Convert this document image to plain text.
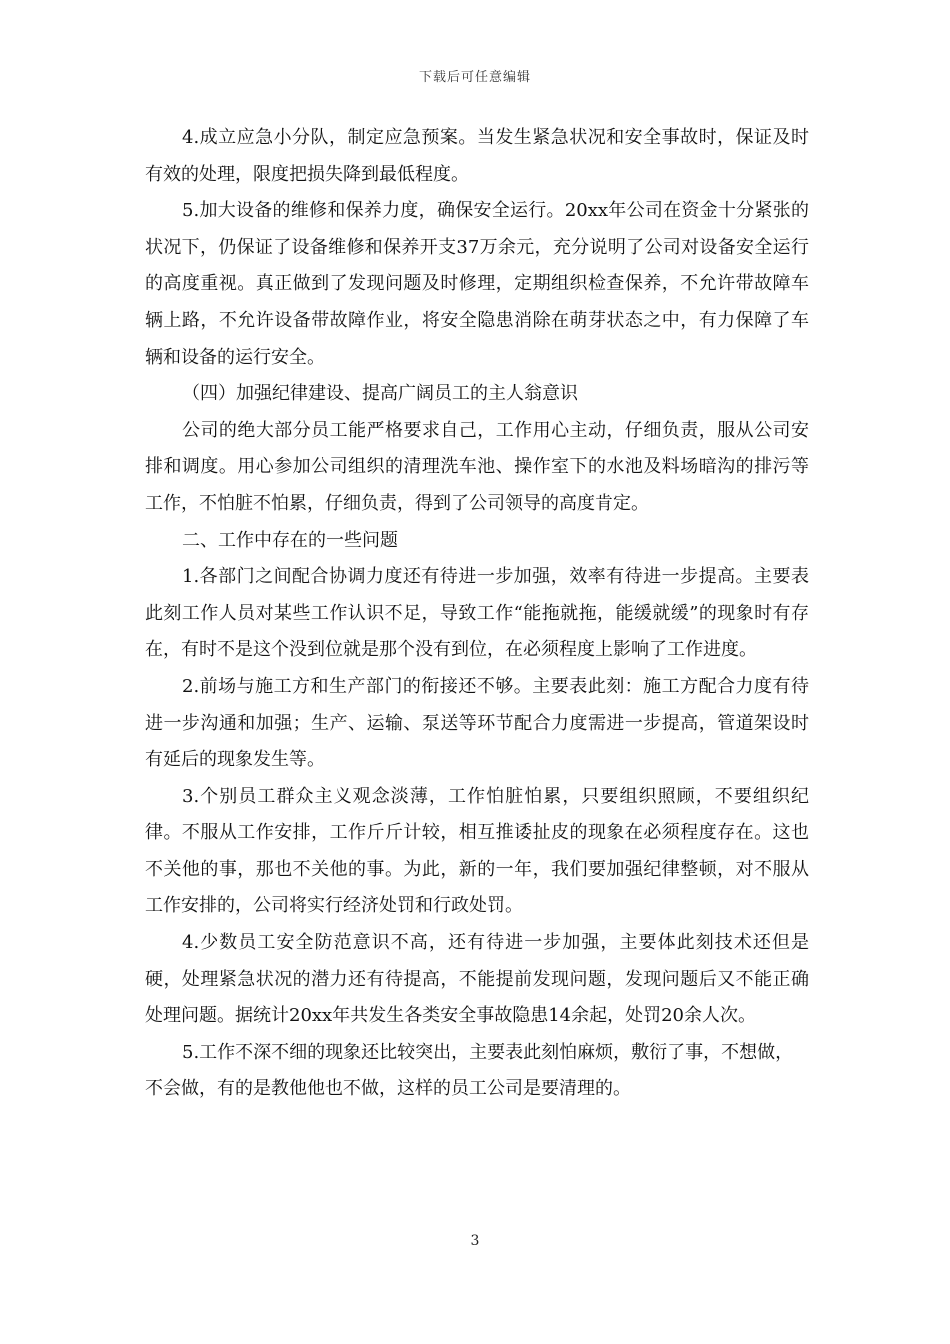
下载后可任意编辑

4.成立应急小分队，制定应急预案。当发生紧急状况和安全事故时，保证及时有效的处理，限度把损失降到最低程度。

5.加大设备的维修和保养力度，确保安全运行。20xx年公司在资金十分紧张的状况下，仍保证了设备维修和保养开支37万余元，充分说明了公司对设备安全运行的高度重视。真正做到了发现问题及时修理，定期组织检查保养，不允许带故障车辆上路，不允许设备带故障作业，将安全隐患消除在萌芽状态之中，有力保障了车辆和设备的运行安全。

（四）加强纪律建设、提高广阔员工的主人翁意识

公司的绝大部分员工能严格要求自己，工作用心主动，仔细负责，服从公司安排和调度。用心参加公司组织的清理洗车池、操作室下的水池及料场暗沟的排污等工作，不怕脏不怕累，仔细负责，得到了公司领导的高度肯定。

二、工作中存在的一些问题

1.各部门之间配合协调力度还有待进一步加强，效率有待进一步提高。主要表此刻工作人员对某些工作认识不足，导致工作“能拖就拖，能缓就缓”的现象时有存在，有时不是这个没到位就是那个没有到位，在必须程度上影响了工作进度。

2.前场与施工方和生产部门的衔接还不够。主要表此刻：施工方配合力度有待进一步沟通和加强；生产、运输、泵送等环节配合力度需进一步提高，管道架设时有延后的现象发生等。

3.个别员工群众主义观念淡薄，工作怕脏怕累，只要组织照顾，不要组织纪律。不服从工作安排，工作斤斤计较，相互推诿扯皮的现象在必须程度存在。这也不关他的事，那也不关他的事。为此，新的一年，我们要加强纪律整顿，对不服从工作安排的，公司将实行经济处罚和行政处罚。

4.少数员工安全防范意识不高，还有待进一步加强，主要体此刻技术还但是硬，处理紧急状况的潜力还有待提高，不能提前发现问题，发现问题后又不能正确处理问题。据统计20xx年共发生各类安全事故隐患14余起，处罚20余人次。

5.工作不深不细的现象还比较突出，主要表此刻怕麻烦，敷衍了事，不想做，不会做，有的是教他他也不做，这样的员工公司是要清理的。

3
